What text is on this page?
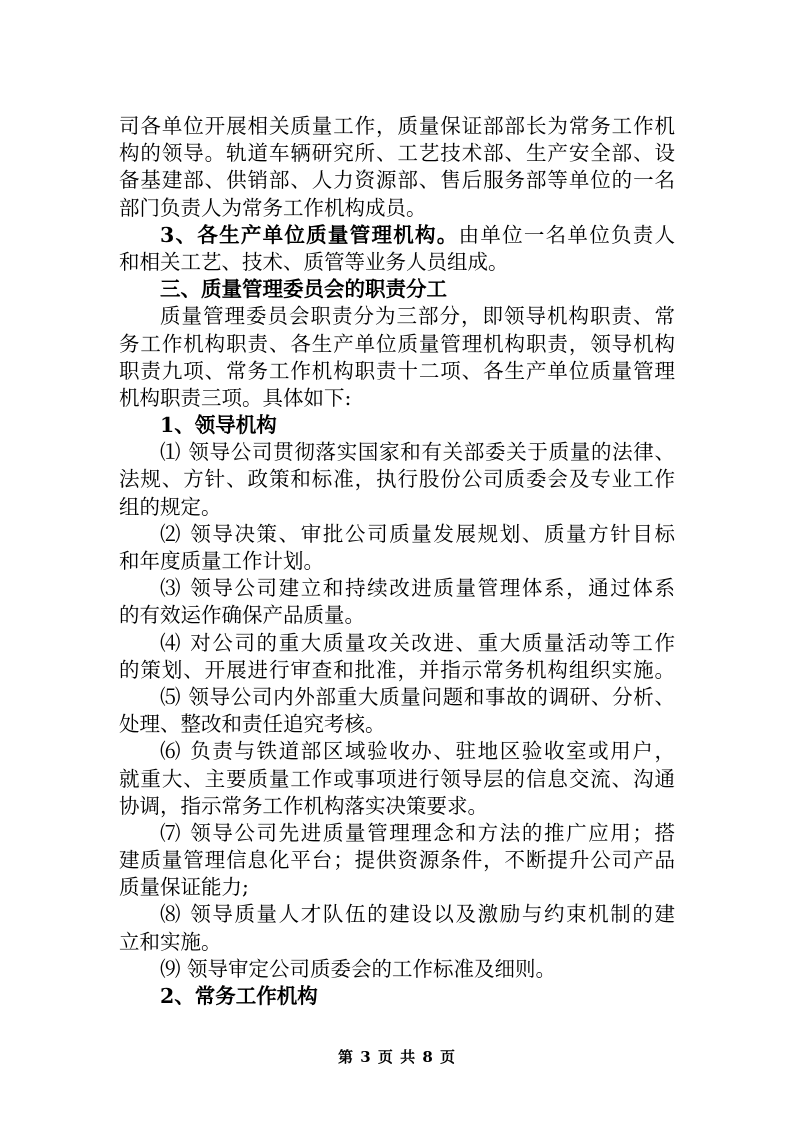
司各单位开展相关质量工作，质量保证部部长为常务工作机
构的领导。轨道车辆研究所、工艺技术部、生产安全部、设
备基建部、供销部、人力资源部、售后服务部等单位的一名
部门负责人为常务工作机构成员。
3、各生产单位质量管理机构。由单位一名单位负责人
和相关工艺、技术、质管等业务人员组成。
三、质量管理委员会的职责分工
质量管理委员会职责分为三部分，即领导机构职责、常
务工作机构职责、各生产单位质量管理机构职责，领导机构
职责九项、常务工作机构职责十二项、各生产单位质量管理
机构职责三项。具体如下:
1、领导机构
⑴ 领导公司贯彻落实国家和有关部委关于质量的法律、
法规、方针、政策和标准，执行股份公司质委会及专业工作
组的规定。
⑵ 领导决策、审批公司质量发展规划、质量方针目标
和年度质量工作计划。
⑶ 领导公司建立和持续改进质量管理体系，通过体系
的有效运作确保产品质量。
⑷ 对公司的重大质量攻关改进、重大质量活动等工作
的策划、开展进行审查和批准，并指示常务机构组织实施。
⑸ 领导公司内外部重大质量问题和事故的调研、分析、
处理、整改和责任追究考核。
⑹ 负责与铁道部区域验收办、驻地区验收室或用户，
就重大、主要质量工作或事项进行领导层的信息交流、沟通
协调，指示常务工作机构落实决策要求。
⑺ 领导公司先进质量管理理念和方法的推广应用；搭
建质量管理信息化平台；提供资源条件，不断提升公司产品
质量保证能力;
⑻ 领导质量人才队伍的建设以及激励与约束机制的建
立和实施。
⑼ 领导审定公司质委会的工作标准及细则。
2、常务工作机构
第 3 页 共 8 页
